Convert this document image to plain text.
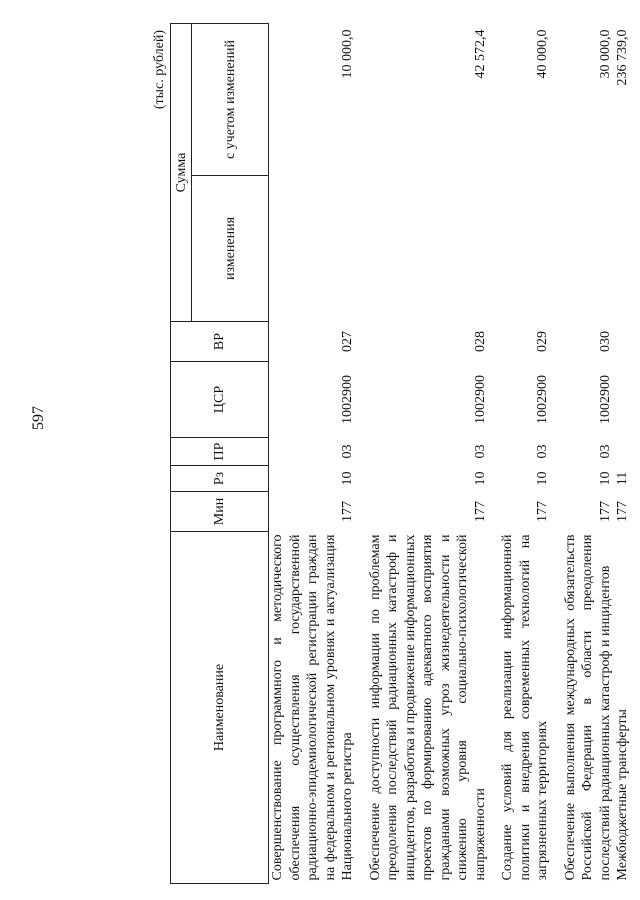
597
(тыс. рублей)
Наименование	Мин	Рз	ПР	ЦСР	ВР	Сумма	
						изменения	с учетом изменений
Совершенствование программного и методического обеспечения осуществления государственной радиационно-эпидемиологической регистрации граждан на федеральном и региональном уровнях и актуализация Национального регистра	177	10	03	1002900	027		10 000,0
Обеспечение доступности информации по проблемам преодоления последствий радиационных катастроф и инцидентов, разработка и продвижение информационных проектов по формированию адекватного восприятия гражданами возможных угроз жизнедеятельности и снижению уровня социально-психологической напряженности	177	10	03	1002900	028		42 572,4
Создание условий для реализации информационной политики и внедрения современных технологий на загрязненных территориях	177	10	03	1002900	029		40 000,0
Обеспечение выполнения международных обязательств Российской Федерации в области преодоления последствий радиационных катастроф и инцидентов	177	10	03	1002900	030		30 000,0
Межбюджетные трансферты	177	11					236 739,0
